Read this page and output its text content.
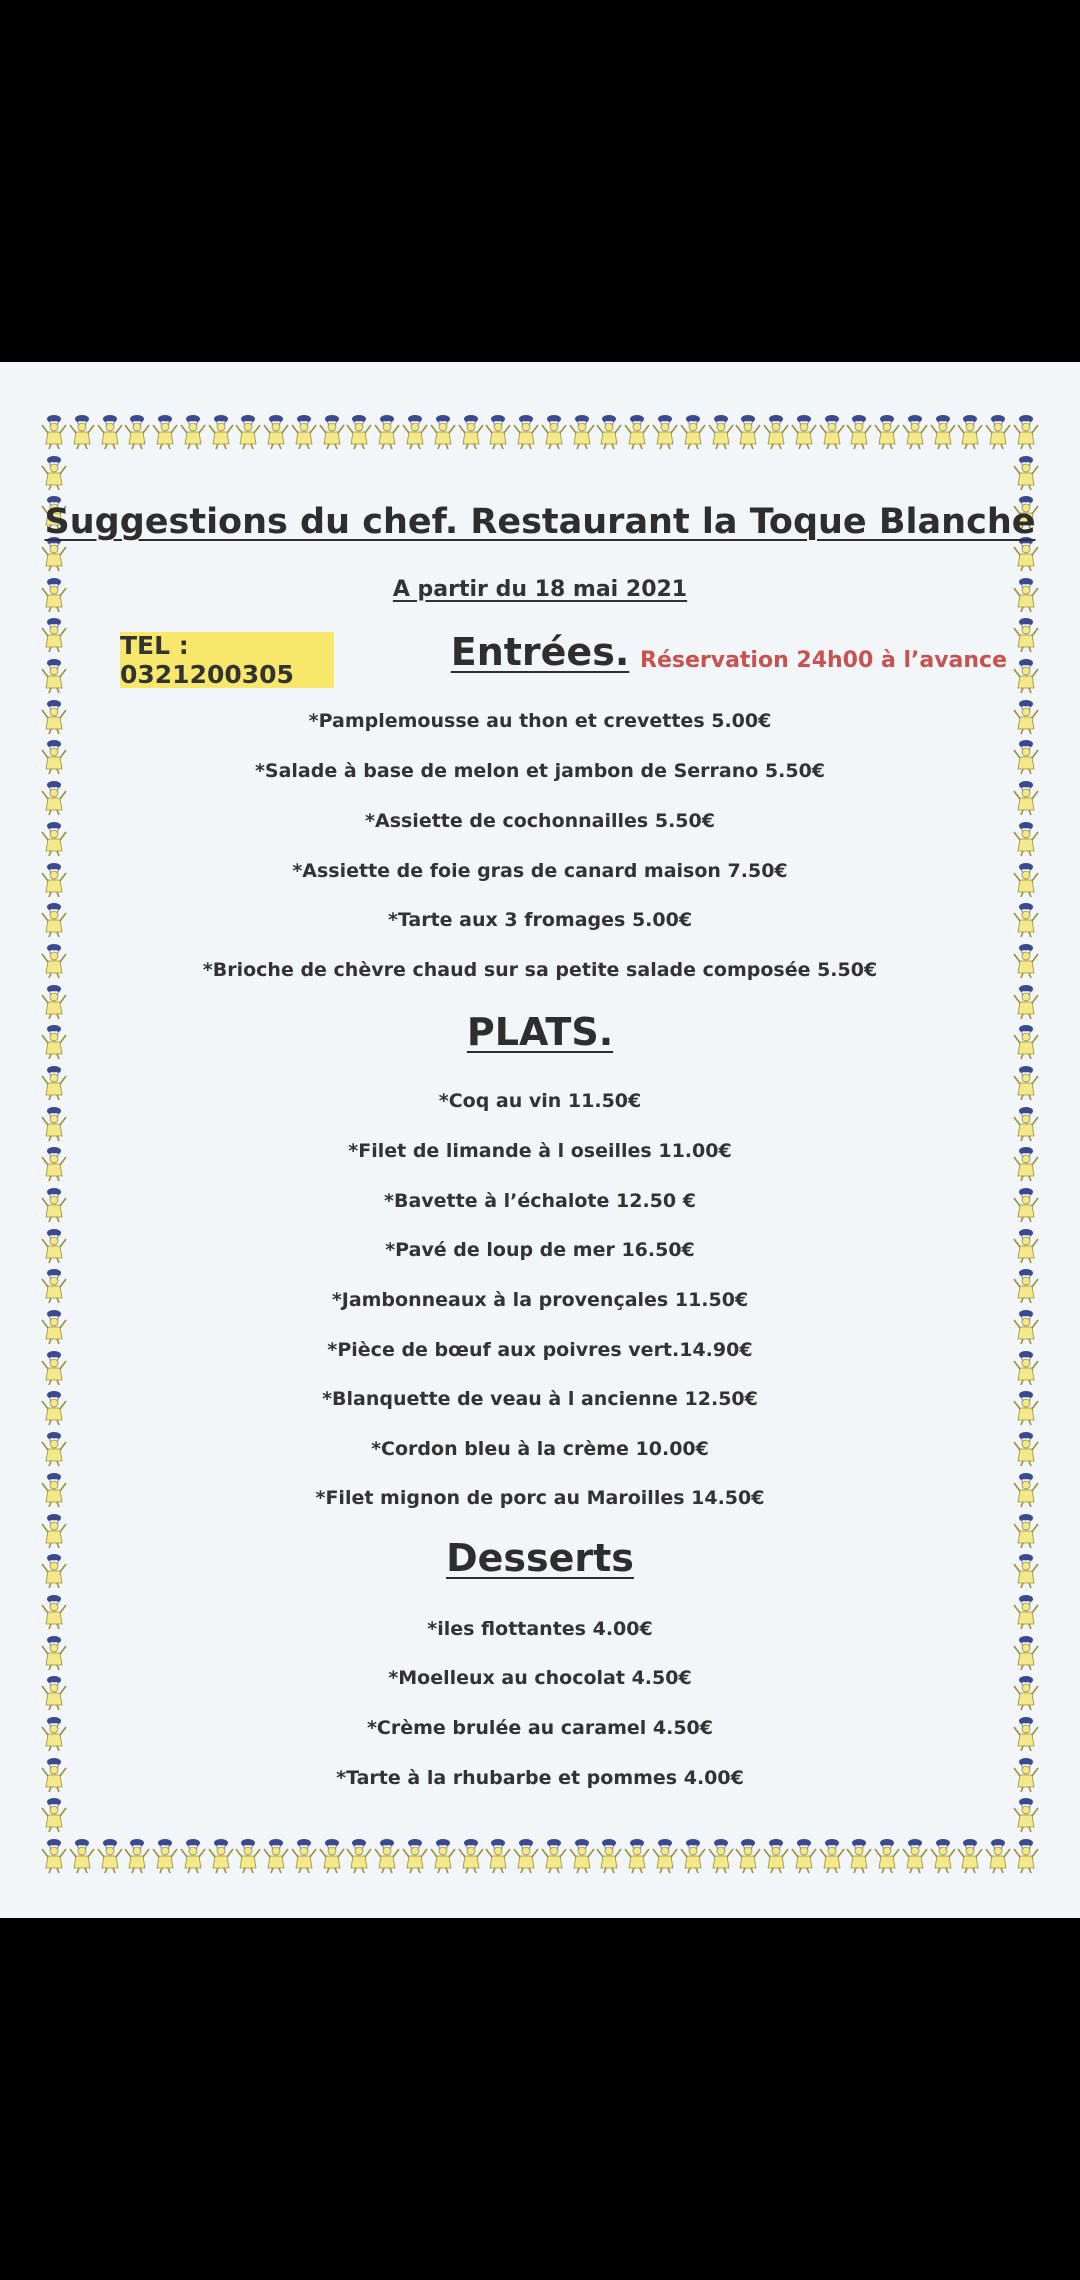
Suggestions du chef. Restaurant la Toque Blanche
A partir du 18 mai 2021
TEL : 0321200305
Entrées. Réservation 24h00 à l’avance
*Pamplemousse au thon et crevettes 5.00€
*Salade à base de melon et jambon de Serrano 5.50€
*Assiette de cochonnailles 5.50€
*Assiette de foie gras de canard maison 7.50€
*Tarte aux 3 fromages 5.00€
*Brioche de chèvre chaud sur sa petite salade composée 5.50€
PLATS.
*Coq au vin 11.50€
*Filet de limande à l oseilles 11.00€
*Bavette à l’échalote 12.50 €
*Pavé de loup de mer 16.50€
*Jambonneaux à la provençales 11.50€
*Pièce de bœuf aux poivres vert.14.90€
*Blanquette de veau à l ancienne 12.50€
*Cordon bleu à la crème 10.00€
*Filet mignon de porc au Maroilles 14.50€
Desserts
*iles flottantes 4.00€
*Moelleux au chocolat 4.50€
*Crème brulée au caramel 4.50€
*Tarte à la rhubarbe et pommes 4.00€
